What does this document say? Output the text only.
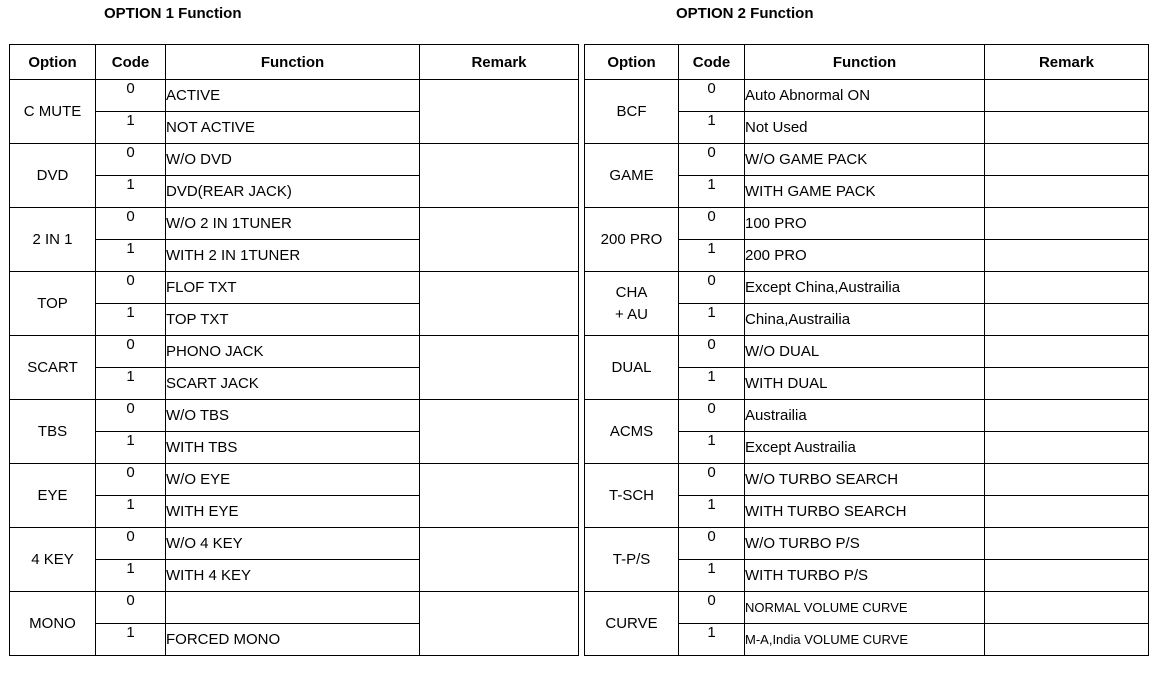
OPTION 1 Function	OPTION 2 Function
Option	Code	Function	Remark
C MUTE	0	ACTIVE	
	1	NOT ACTIVE	
DVD	0	W/O DVD	
	1	DVD(REAR JACK)	
2 IN 1	0	W/O 2 IN 1TUNER	
	1	WITH 2 IN 1TUNER	
TOP	0	FLOF TXT	
	1	TOP TXT	
SCART	0	PHONO JACK	
	1	SCART JACK	
TBS	0	W/O TBS	
	1	WITH TBS	
EYE	0	W/O EYE	
	1	WITH EYE	
4 KEY	0	W/O 4 KEY	
	1	WITH 4 KEY	
MONO	0		
	1	FORCED MONO	
Option	Code	Function	Remark
BCF	0	Auto Abnormal ON	
	1	Not Used	
GAME	0	W/O GAME PACK	
	1	WITH GAME PACK	
200 PRO	0	100 PRO	
	1	200 PRO	
CHA
+ AU	0	Except China,Austrailia	
	1	China,Austrailia	
DUAL	0	W/O DUAL	
	1	WITH DUAL	
ACMS	0	Austrailia	
	1	Except Austrailia	
T-SCH	0	W/O TURBO SEARCH	
	1	WITH TURBO SEARCH	
T-P/S	0	W/O TURBO P/S	
	1	WITH TURBO P/S	
CURVE	0	NORMAL VOLUME CURVE	
	1	M-A,India VOLUME CURVE	
